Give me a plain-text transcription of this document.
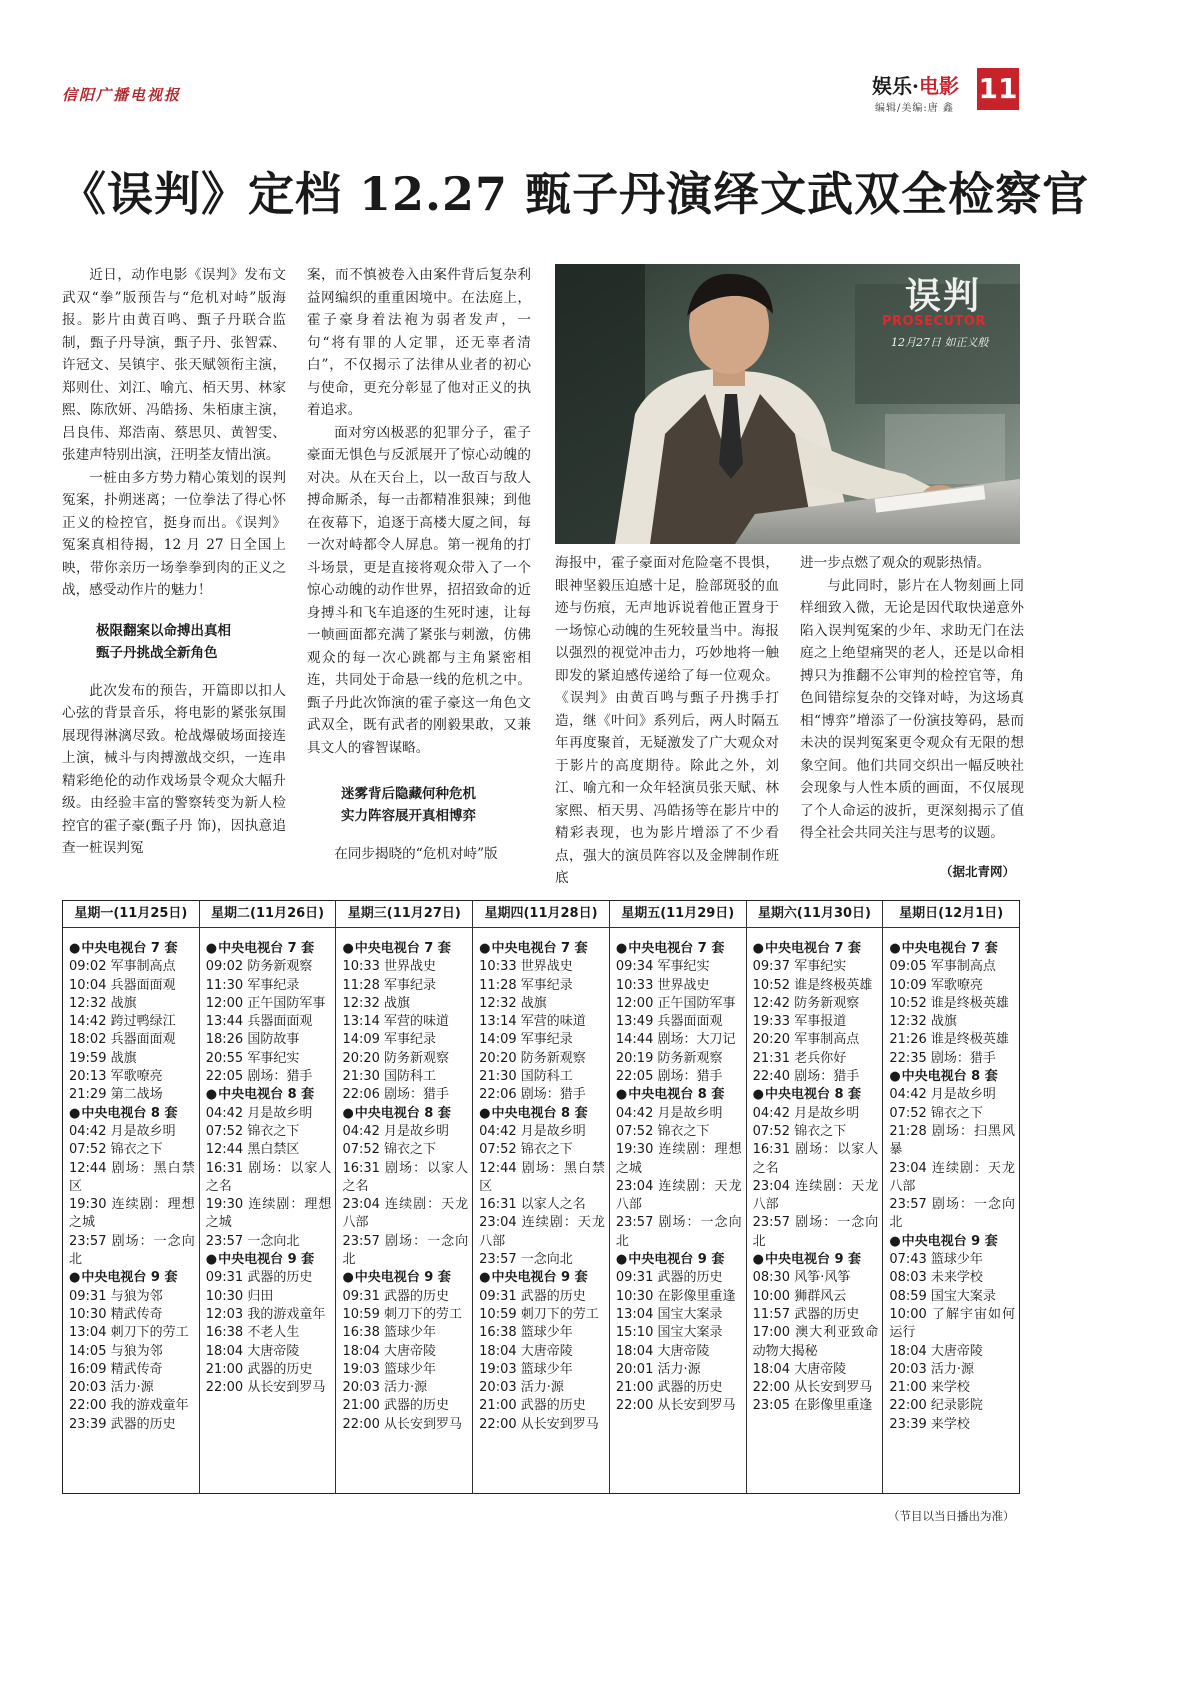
信阳广播电视报	娱乐·电影
编辑/美编:唐 鑫
11
《误判》定档 12.27 甄子丹演绎文武双全检察官

近日，动作电影《误判》发布文武双“拳”版预告与“危机对峙”版海报。影片由黄百鸣、甄子丹联合监制，甄子丹导演，甄子丹、张智霖、许冠文、吴镇宇、张天赋领衔主演，郑则仕、刘江、喻亢、栢天男、林家熙、陈欣妍、冯皓扬、朱栢康主演，吕良伟、郑浩南、蔡思贝、黄智雯、张建声特别出演，汪明荃友情出演。

一桩由多方势力精心策划的误判冤案，扑朔迷离；一位拳法了得心怀正义的检控官，挺身而出。《误判》冤案真相待揭，12 月 27 日全国上映，带你亲历一场拳拳到肉的正义之战，感受动作片的魅力！

极限翻案以命搏出真相
甄子丹挑战全新角色

此次发布的预告，开篇即以扣人心弦的背景音乐，将电影的紧张氛围展现得淋漓尽致。枪战爆破场面接连上演，械斗与肉搏激战交织，一连串精彩绝伦的动作戏场景令观众大幅升级。由经验丰富的警察转变为新人检控官的霍子豪(甄子丹 饰)，因执意追查一桩误判冤

案，而不慎被卷入由案件背后复杂利益网编织的重重困境中。在法庭上，霍子豪身着法袍为弱者发声，一句“将有罪的人定罪，还无辜者清白”，不仅揭示了法律从业者的初心与使命，更充分彰显了他对正义的执着追求。

面对穷凶极恶的犯罪分子，霍子豪面无惧色与反派展开了惊心动魄的对决。从在天台上，以一敌百与敌人搏命厮杀，每一击都精准狠辣；到他在夜幕下，追逐于高楼大厦之间，每一次对峙都令人屏息。第一视角的打斗场景，更是直接将观众带入了一个惊心动魄的动作世界，招招致命的近身搏斗和飞车追逐的生死时速，让每一帧画面都充满了紧张与刺激，仿佛观众的每一次心跳都与主角紧密相连，共同处于命悬一线的危机之中。甄子丹此次饰演的霍子豪这一角色文武双全，既有武者的刚毅果敢，又兼具文人的睿智谋略。

迷雾背后隐藏何种危机
实力阵容展开真相博弈

在同步揭晓的“危机对峙”版

误判
PROSECUTOR
12月27日 如正义般

海报中，霍子豪面对危险毫不畏惧，眼神坚毅压迫感十足，脸部斑驳的血迹与伤痕，无声地诉说着他正置身于一场惊心动魄的生死较量当中。海报以强烈的视觉冲击力，巧妙地将一触即发的紧迫感传递给了每一位观众。《误判》由黄百鸣与甄子丹携手打造，继《叶问》系列后，两人时隔五年再度聚首，无疑激发了广大观众对于影片的高度期待。除此之外，刘江、喻亢和一众年轻演员张天赋、林家熙、栢天男、冯皓扬等在影片中的精彩表现，也为影片增添了不少看点，强大的演员阵容以及金牌制作班底

进一步点燃了观众的观影热情。

与此同时，影片在人物刻画上同样细致入微，无论是因代取快递意外陷入误判冤案的少年、求助无门在法庭之上绝望痛哭的老人，还是以命相搏只为推翻不公审判的检控官等，角色间错综复杂的交锋对峙，为这场真相“博弈”增添了一份演技筹码，悬而未决的误判冤案更令观众有无限的想象空间。他们共同交织出一幅反映社会现象与人性本质的画面，不仅展现了个人命运的波折，更深刻揭示了值得全社会共同关注与思考的议题。

（据北青网）
星期一(11月25日)
●中央电视台 7 套
09:02 军事制高点
10:04 兵器面面观
12:32 战旗
14:42 跨过鸭绿江
18:02 兵器面面观
19:59 战旗
20:13 军歌嘹亮
21:29 第二战场
●中央电视台 8 套
04:42 月是故乡明
07:52 锦衣之下
12:44 剧场：黑白禁区
19:30 连续剧：理想之城
23:57 剧场：一念向北
●中央电视台 9 套
09:31 与狼为邻
10:30 精武传奇
13:04 刺刀下的劳工
14:05 与狼为邻
16:09 精武传奇
20:03 活力·源
22:00 我的游戏童年
23:39 武器的历史
星期二(11月26日)
●中央电视台 7 套
09:02 防务新观察
11:30 军事纪录
12:00 正午国防军事
13:44 兵器面面观
18:26 国防故事
20:55 军事纪实
22:05 剧场：猎手
●中央电视台 8 套
04:42 月是故乡明
07:52 锦衣之下
12:44 黑白禁区
16:31 剧场：以家人之名
19:30 连续剧：理想之城
23:57 一念向北
●中央电视台 9 套
09:31 武器的历史
10:30 归田
12:03 我的游戏童年
16:38 不老人生
18:04 大唐帝陵
21:00 武器的历史
22:00 从长安到罗马
星期三(11月27日)
●中央电视台 7 套
10:33 世界战史
11:28 军事纪录
12:32 战旗
13:14 军营的味道
14:09 军事纪录
20:20 防务新观察
21:30 国防科工
22:06 剧场：猎手
●中央电视台 8 套
04:42 月是故乡明
07:52 锦衣之下
16:31 剧场：以家人之名
23:04 连续剧：天龙八部
23:57 剧场：一念向北
●中央电视台 9 套
09:31 武器的历史
10:59 刺刀下的劳工
16:38 篮球少年
18:04 大唐帝陵
19:03 篮球少年
20:03 活力·源
21:00 武器的历史
22:00 从长安到罗马
星期四(11月28日)
●中央电视台 7 套
10:33 世界战史
11:28 军事纪录
12:32 战旗
13:14 军营的味道
14:09 军事纪录
20:20 防务新观察
21:30 国防科工
22:06 剧场：猎手
●中央电视台 8 套
04:42 月是故乡明
07:52 锦衣之下
12:44 剧场：黑白禁区
16:31 以家人之名
23:04 连续剧：天龙八部
23:57 一念向北
●中央电视台 9 套
09:31 武器的历史
10:59 刺刀下的劳工
16:38 篮球少年
18:04 大唐帝陵
19:03 篮球少年
20:03 活力·源
21:00 武器的历史
22:00 从长安到罗马
星期五(11月29日)
●中央电视台 7 套
09:34 军事纪实
10:33 世界战史
12:00 正午国防军事
13:49 兵器面面观
14:44 剧场：大刀记
20:19 防务新观察
22:05 剧场：猎手
●中央电视台 8 套
04:42 月是故乡明
07:52 锦衣之下
19:30 连续剧：理想之城
23:04 连续剧：天龙八部
23:57 剧场：一念向北
●中央电视台 9 套
09:31 武器的历史
10:30 在影像里重逢
13:04 国宝大案录
15:10 国宝大案录
18:04 大唐帝陵
20:01 活力·源
21:00 武器的历史
22:00 从长安到罗马
星期六(11月30日)
●中央电视台 7 套
09:37 军事纪实
10:52 谁是终极英雄
12:42 防务新观察
19:33 军事报道
20:20 军事制高点
21:31 老兵你好
22:40 剧场：猎手
●中央电视台 8 套
04:42 月是故乡明
07:52 锦衣之下
16:31 剧场：以家人之名
23:04 连续剧：天龙八部
23:57 剧场：一念向北
●中央电视台 9 套
08:30 风筝·风筝
10:00 狮群风云
11:57 武器的历史
17:00 澳大利亚致命动物大揭秘
18:04 大唐帝陵
22:00 从长安到罗马
23:05 在影像里重逢
星期日(12月1日)
●中央电视台 7 套
09:05 军事制高点
10:09 军歌嘹亮
10:52 谁是终极英雄
12:32 战旗
21:26 谁是终极英雄
22:35 剧场：猎手
●中央电视台 8 套
04:42 月是故乡明
07:52 锦衣之下
21:28 剧场：扫黑风暴
23:04 连续剧：天龙八部
23:57 剧场：一念向北
●中央电视台 9 套
07:43 篮球少年
08:03 未来学校
08:59 国宝大案录
10:00 了解宇宙如何运行
18:04 大唐帝陵
20:03 活力·源
21:00 来学校
22:00 纪录影院
23:39 来学校
（节目以当日播出为准）
